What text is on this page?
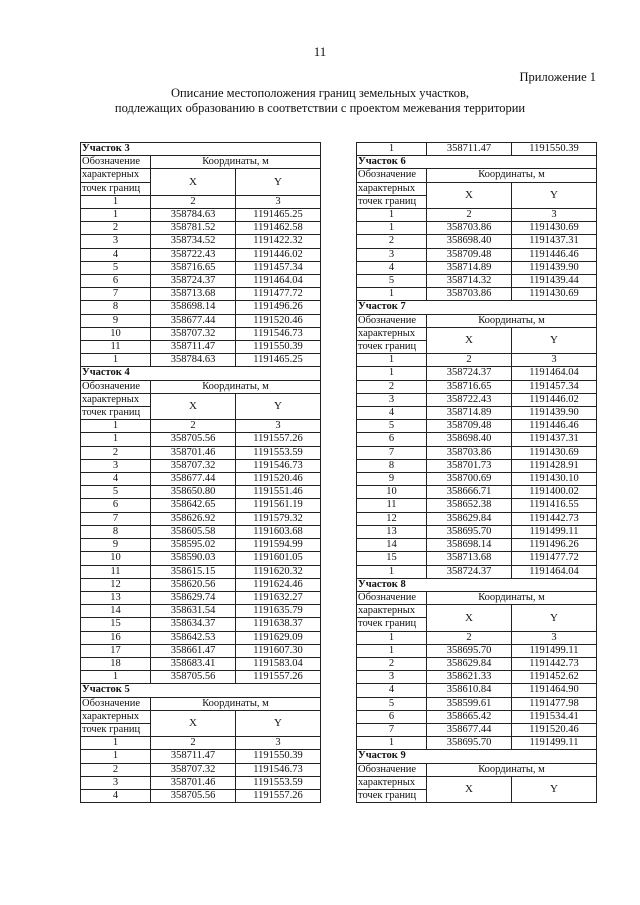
11
Приложение 1
Описание местоположения границ земельных участков,
подлежащих образованию в соответствии с проектом межевания территории
Участок 3		
Обозначение	Координаты, м	
характерных	X	Y
точек границ		
1	2	3
1	358784.63	1191465.25
2	358781.52	1191462.58
3	358734.52	1191422.32
4	358722.43	1191446.02
5	358716.65	1191457.34
6	358724.37	1191464.04
7	358713.68	1191477.72
8	358698.14	1191496.26
9	358677.44	1191520.46
10	358707.32	1191546.73
11	358711.47	1191550.39
1	358784.63	1191465.25
Участок 4		
Обозначение	Координаты, м	
характерных	X	Y
точек границ		
1	2	3
1	358705.56	1191557.26
2	358701.46	1191553.59
3	358707.32	1191546.73
4	358677.44	1191520.46
5	358650.80	1191551.46
6	358642.65	1191561.19
7	358626.92	1191579.32
8	358605.58	1191603.68
9	358595.02	1191594.99
10	358590.03	1191601.05
11	358615.15	1191620.32
12	358620.56	1191624.46
13	358629.74	1191632.27
14	358631.54	1191635.79
15	358634.37	1191638.37
16	358642.53	1191629.09
17	358661.47	1191607.30
18	358683.41	1191583.04
1	358705.56	1191557.26
Участок 5		
Обозначение	Координаты, м	
характерных	X	Y
точек границ		
1	2	3
1	358711.47	1191550.39
2	358707.32	1191546.73
3	358701.46	1191553.59
4	358705.56	1191557.26
1	358711.47	1191550.39
Участок 6		
Обозначение	Координаты, м	
характерных	X	Y
точек границ		
1	2	3
1	358703.86	1191430.69
2	358698.40	1191437.31
3	358709.48	1191446.46
4	358714.89	1191439.90
5	358714.32	1191439.44
1	358703.86	1191430.69
Участок 7		
Обозначение	Координаты, м	
характерных	X	Y
точек границ		
1	2	3
1	358724.37	1191464.04
2	358716.65	1191457.34
3	358722.43	1191446.02
4	358714.89	1191439.90
5	358709.48	1191446.46
6	358698.40	1191437.31
7	358703.86	1191430.69
8	358701.73	1191428.91
9	358700.69	1191430.10
10	358666.71	1191400.02
11	358652.38	1191416.55
12	358629.84	1191442.73
13	358695.70	1191499.11
14	358698.14	1191496.26
15	358713.68	1191477.72
1	358724.37	1191464.04
Участок 8		
Обозначение	Координаты, м	
характерных	X	Y
точек границ		
1	2	3
1	358695.70	1191499.11
2	358629.84	1191442.73
3	358621.33	1191452.62
4	358610.84	1191464.90
5	358599.61	1191477.98
6	358665.42	1191534.41
7	358677.44	1191520.46
1	358695.70	1191499.11
Участок 9		
Обозначение	Координаты, м	
характерных	X	Y
точек границ		
